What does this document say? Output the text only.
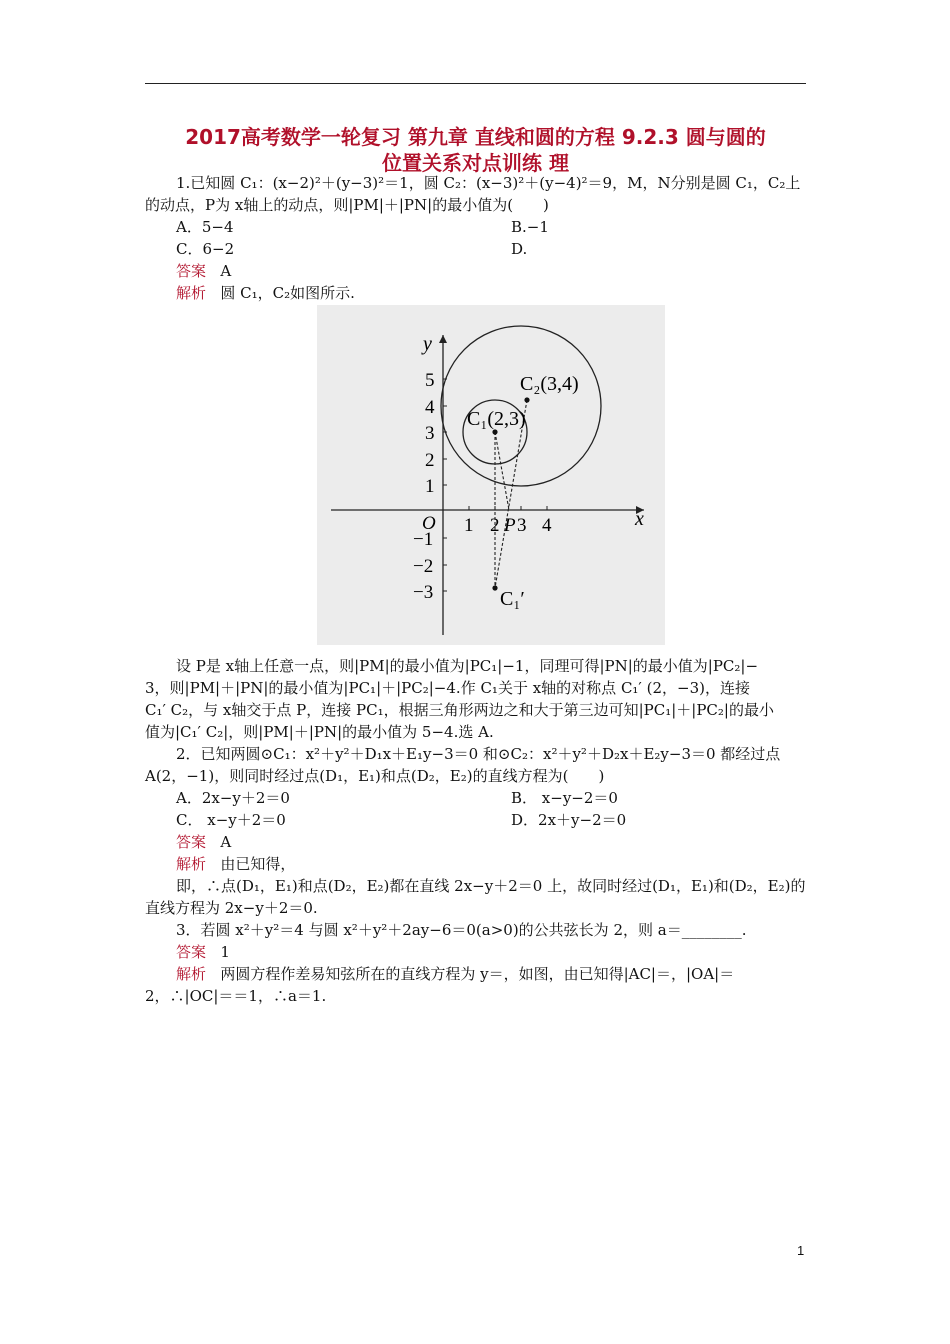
2017高考数学一轮复习 第九章 直线和圆的方程 9.2.3 圆与圆的
位置关系对点训练 理
1.已知圆 C₁：(x−2)²＋(y−3)²＝1，圆 C₂：(x−3)²＋(y−4)²＝9，M，N分别是圆 C₁，C₂上
的动点，P为 x轴上的动点，则|PM|＋|PN|的最小值为(　　)
A．5−4	B.−1
C．6−2	D.
答案 A
解析 圆 C₁，C₂如图所示.
y
x
O
5
4
3
2
1
−1
−2
−3
1 2 3 4
P
C₁(2,3)
C₂(3,4)
C₁′
设 P是 x轴上任意一点，则|PM|的最小值为|PC₁|−1，同理可得|PN|的最小值为|PC₂|−
3，则|PM|＋|PN|的最小值为|PC₁|＋|PC₂|−4.作 C₁关于 x轴的对称点 C₁′ (2，−3)，连接
C₁′ C₂，与 x轴交于点 P，连接 PC₁，根据三角形两边之和大于第三边可知|PC₁|＋|PC₂|的最小
值为|C₁′ C₂|，则|PM|＋|PN|的最小值为 5−4.选 A.
2．已知两圆⊙C₁：x²＋y²＋D₁x＋E₁y−3＝0 和⊙C₂：x²＋y²＋D₂x＋E₂y−3＝0 都经过点
A(2，−1)，则同时经过点(D₁，E₁)和点(D₂，E₂)的直线方程为(　　)
A．2x−y＋2＝0	B． x−y−2＝0
C． x−y＋2＝0	D．2x＋y−2＝0
答案 A
解析 由已知得，
即，∴点(D₁，E₁)和点(D₂，E₂)都在直线 2x−y＋2＝0 上，故同时经过(D₁，E₁)和(D₂，E₂)的
直线方程为 2x−y＋2＝0.
3．若圆 x²＋y²＝4 与圆 x²＋y²＋2ay−6＝0(a>0)的公共弦长为 2，则 a＝________.
答案 1
解析 两圆方程作差易知弦所在的直线方程为 y＝，如图，由已知得|AC|＝，|OA|＝
2，∴|OC|＝＝1，∴a＝1.
1
